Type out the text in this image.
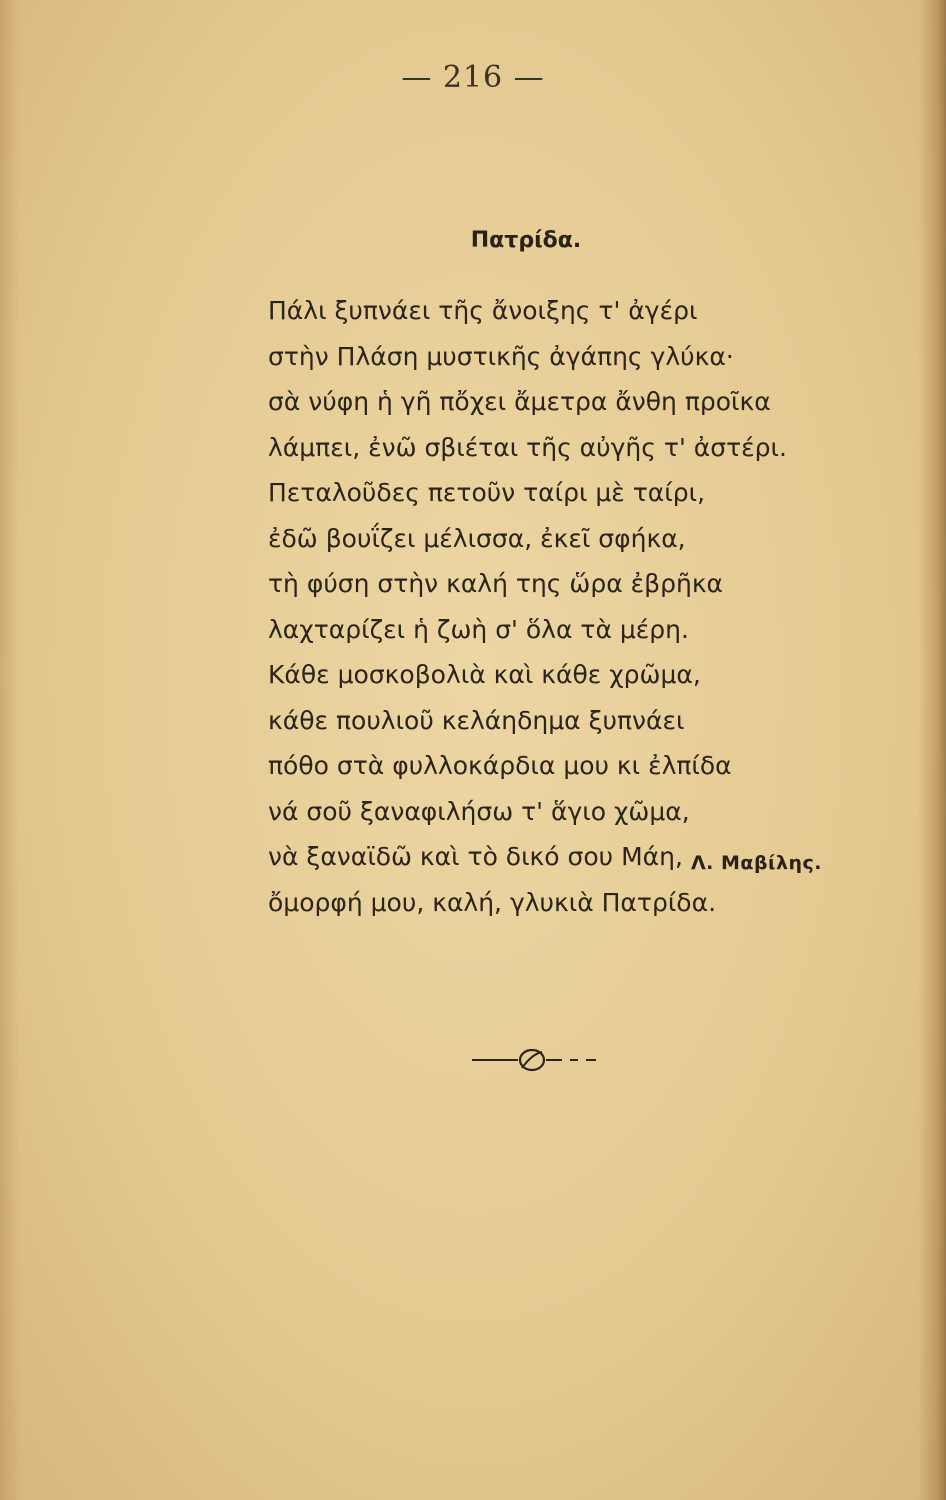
— 216 —
Πατρίδα.
Πάλι ξυπνάει τῆς ἄνοιξης τ' ἀγέρι
στὴν Πλάση μυστικῆς ἀγάπης γλύκα·
σὰ νύφη ἡ γῆ πὄχει ἄμετρα ἄνθη προῖκα
λάμπει, ἐνῶ σβιέται τῆς αὐγῆς τ' ἀστέρι.
Πεταλοῦδες πετοῦν ταίρι μὲ ταίρι,
ἐδῶ βουΐζει μέλισσα, ἐκεῖ σφήκα,
τὴ φύση στὴν καλή της ὥρα ἐβρῆκα
λαχταρίζει ἡ ζωὴ σ' ὅλα τὰ μέρη.
Κάθε μοσκοβολιὰ καὶ κάθε χρῶμα,
κάθε πουλιοῦ κελάηδημα ξυπνάει
πόθο στὰ φυλλοκάρδια μου κι ἐλπίδα
νά σοῦ ξαναφιλήσω τ' ἅγιο χῶμα,
νὰ ξαναϊδῶ καὶ τὸ δικό σου Μάη,
ὄμορφή μου, καλή, γλυκιὰ Πατρίδα.
Λ. Μαβίλης.
